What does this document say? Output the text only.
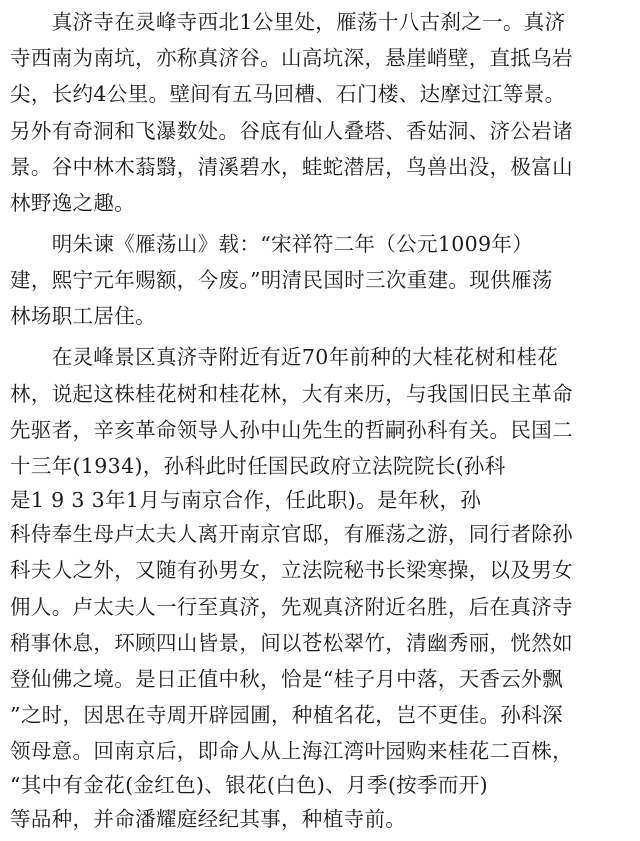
　　真济寺在灵峰寺西北1公里处，雁荡十八古刹之一。真济
寺西南为南坑，亦称真济谷。山高坑深，悬崖峭壁，直抵乌岩
尖，长约4公里。壁间有五马回槽、石门楼、达摩过江等景。
另外有奇洞和飞瀑数处。谷底有仙人叠塔、香姑洞、济公岩诸
景。谷中林木蓊翳，清溪碧水，蛙蛇潜居，鸟兽出没，极富山
林野逸之趣。
　　明朱谏《雁荡山》载：“宋祥符二年（公元1009年）
建，熙宁元年赐额，今废。”明清民国时三次重建。现供雁荡
林场职工居住。
　　在灵峰景区真济寺附近有近70年前种的大桂花树和桂花
林，说起这株桂花树和桂花林，大有来历，与我国旧民主革命
先驱者，辛亥革命领导人孙中山先生的哲嗣孙科有关。民国二
十三年(1934)，孙科此时任国民政府立法院院长(孙科
是1 9 3 3年1月与南京合作，任此职)。是年秋，孙
科侍奉生母卢太夫人离开南京官邸，有雁荡之游，同行者除孙
科夫人之外，又随有孙男女，立法院秘书长梁寒操，以及男女
佣人。卢太夫人一行至真济，先观真济附近名胜，后在真济寺
稍事休息，环顾四山皆景，间以苍松翠竹，清幽秀丽，恍然如
登仙佛之境。是日正值中秋，恰是“桂子月中落，天香云外飘
”之时，因思在寺周开辟园圃，种植名花，岂不更佳。孙科深
领母意。回南京后，即命人从上海江湾叶园购来桂花二百株，
“其中有金花(金红色)、银花(白色)、月季(按季而开)
等品种，并命潘耀庭经纪其事，种植寺前。
